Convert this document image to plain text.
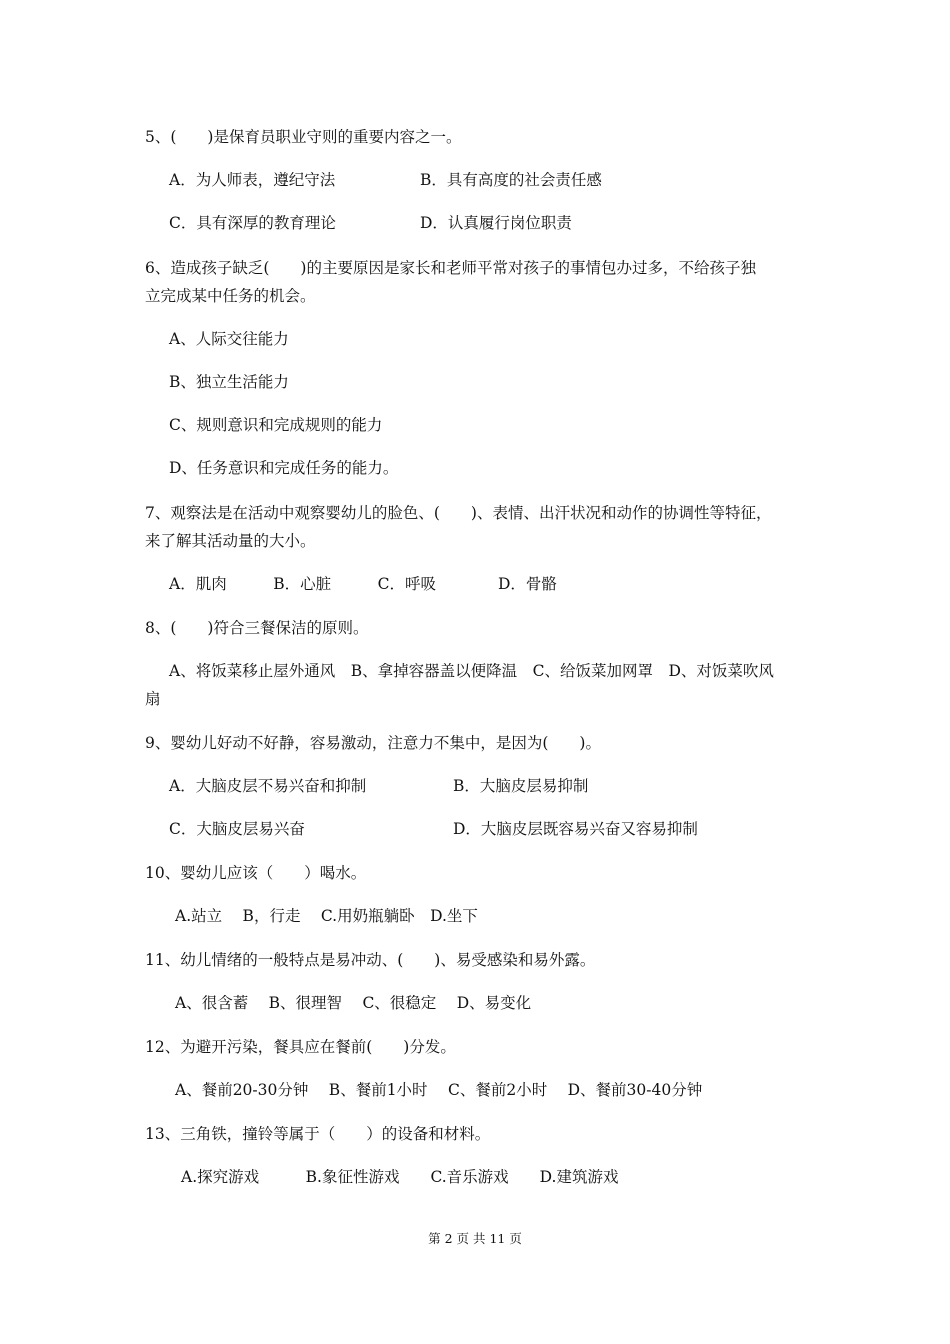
5、(　　)是保育员职业守则的重要内容之一。
A．为人师表，遵纪守法	B．具有高度的社会责任感
C．具有深厚的教育理论	D．认真履行岗位职责
6、造成孩子缺乏(　　)的主要原因是家长和老师平常对孩子的事情包办过多，不给孩子独
立完成某中任务的机会。
A、人际交往能力
B、独立生活能力
C、规则意识和完成规则的能力
D、任务意识和完成任务的能力。
7、观察法是在活动中观察婴幼儿的脸色、(　　)、表情、出汗状况和动作的协调性等特征，
来了解其活动量的大小。
A．肌肉　　　B．心脏　　　C．呼吸　　　　D．骨骼
8、(　　)符合三餐保洁的原则。
A、将饭菜移止屋外通风　B、拿掉容器盖以便降温　C、给饭菜加网罩　D、对饭菜吹风
扇
9、婴幼儿好动不好静，容易激动，注意力不集中，是因为(　　)。
A．大脑皮层不易兴奋和抑制	B．大脑皮层易抑制
C．大脑皮层易兴奋	D．大脑皮层既容易兴奋又容易抑制
10、婴幼儿应该（　　）喝水。
A.站立　 B，行走　 C.用奶瓶躺卧　D.坐下
11、幼儿情绪的一般特点是易冲动、(　　)、易受感染和易外露。
A、很含蓄　 B、很理智　 C、很稳定　 D、易变化
12、为避开污染，餐具应在餐前(　　)分发。
A、餐前20-30分钟　 B、餐前1小时　 C、餐前2小时　 D、餐前30-40分钟
13、三角铁，撞铃等属于（　　）的设备和材料。
A.探究游戏　　　B.象征性游戏　　C.音乐游戏　　D.建筑游戏
第 2 页 共 11 页
